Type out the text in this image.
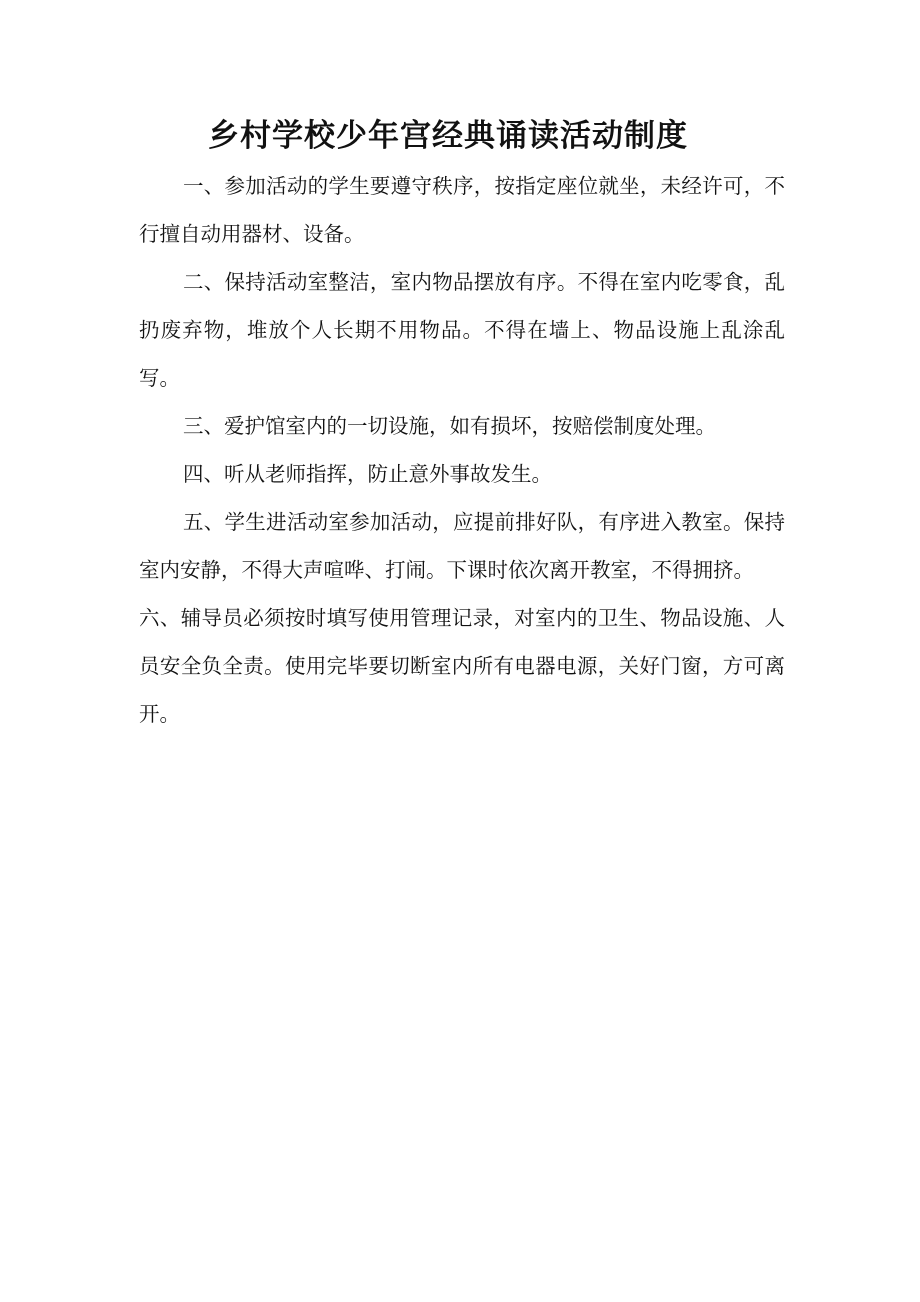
乡村学校少年宫经典诵读活动制度

一、参加活动的学生要遵守秩序，按指定座位就坐，未经许可，不行擅自动用器材、设备。

二、保持活动室整洁，室内物品摆放有序。不得在室内吃零食，乱扔废弃物，堆放个人长期不用物品。不得在墙上、物品设施上乱涂乱写。

三、爱护馆室内的一切设施，如有损坏，按赔偿制度处理。

四、听从老师指挥，防止意外事故发生。

五、学生进活动室参加活动，应提前排好队，有序进入教室。保持室内安静，不得大声喧哗、打闹。下课时依次离开教室，不得拥挤。

六、辅导员必须按时填写使用管理记录，对室内的卫生、物品设施、人员安全负全责。使用完毕要切断室内所有电器电源，关好门窗，方可离开。
